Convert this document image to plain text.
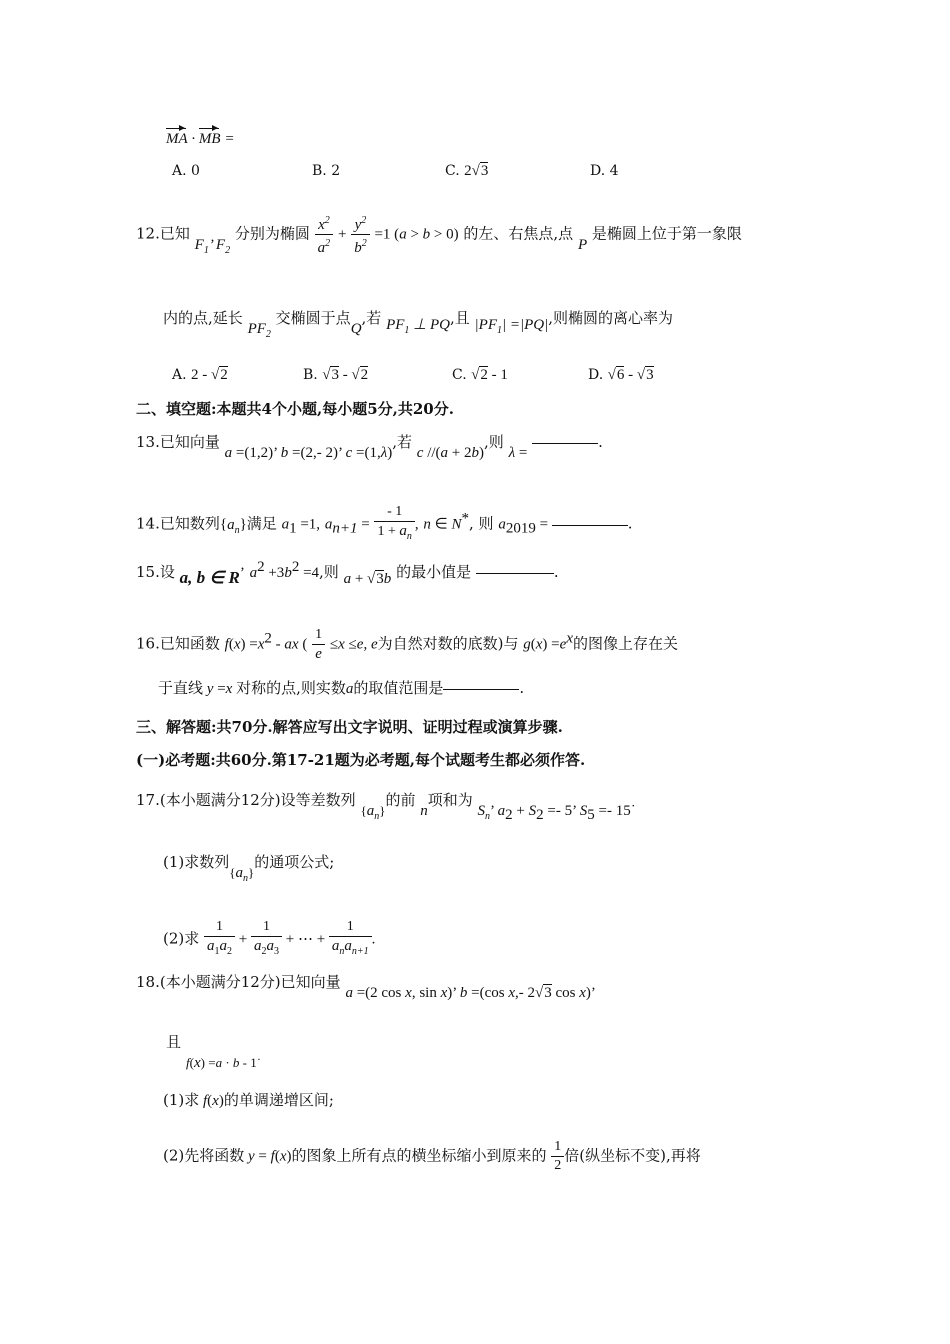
MA · MB =
A. 0	B. 2	C. 2√3	D. 4
12.已知 $F_1$’ $F_2$ 分别为椭圆 $\frac{x^2}{a^2} + \frac{y^2}{b^2} =1$ (a > b > 0) 的左、右焦点,点 P 是椭圆上位于第一象限
内的点,延长 $PF_2$ 交椭圆于点Q,若 $PF_1$ ⊥ PQ,且 $|PF_1| =|PQ|$,则椭圆的离心率为
A. 2 - √2	B. √3 - √2	C. √2 - 1	D. √6 - √3
二、填空题:本题共4个小题,每小题5分,共20分.
13.已知向量 a =(1,2)’ b =(2,- 2)’ c =(1,λ),若 c //(a + 2b),则 λ = .
14.已知数列$\{a_n\}$满足 $a_1 =1$, $a_{n+1} = \frac{- 1}{1 + a_n}$ , n ∈ N*, 则 $a_{2019}$ =	.
15.设 a, b ∈ R’ $a^2 +3b^2 =4$,则 a + √3b 的最小值是	.
16.已知函数 $f(x) =x^2$ - ax ( $\frac{1}{e} \le x \le e$, e为自然对数的底数)与 $g(x) =e^x$的图像上存在关
于直线 y =x 对称的点,则实数a的取值范围是	.
三、解答题:共70分.解答应写出文字说明、证明过程或演算步骤.
(一)必考题:共60分.第17-21题为必考题,每个试题考生都必须作答.
17.(本小题满分12分)设等差数列 $\{a_n\}$的前 n项和为 $S_n$’ $a_2 + S_2 =- 5$’ $S_5$ =- 15˙
(1)求数列$\{a_n\}$的通项公式;
(2)求 $\frac{1}{a_1a_2} + \frac{1}{a_2a_3}$ + ⋯ + $\frac{1}{a_na_{n+1}}$ .
18.(本小题满分12分)已知向量 a =(2 cos x, sin x)’ b =(cos x,- 2√3 cos x)’
且
f(x) =a · b - 1˙
(1)求 f(x)的单调递增区间;
(2)先将函数 y = f(x)的图象上所有点的横坐标缩小到原来的 $\frac{1}{2}$ 倍(纵坐标不变),再将
